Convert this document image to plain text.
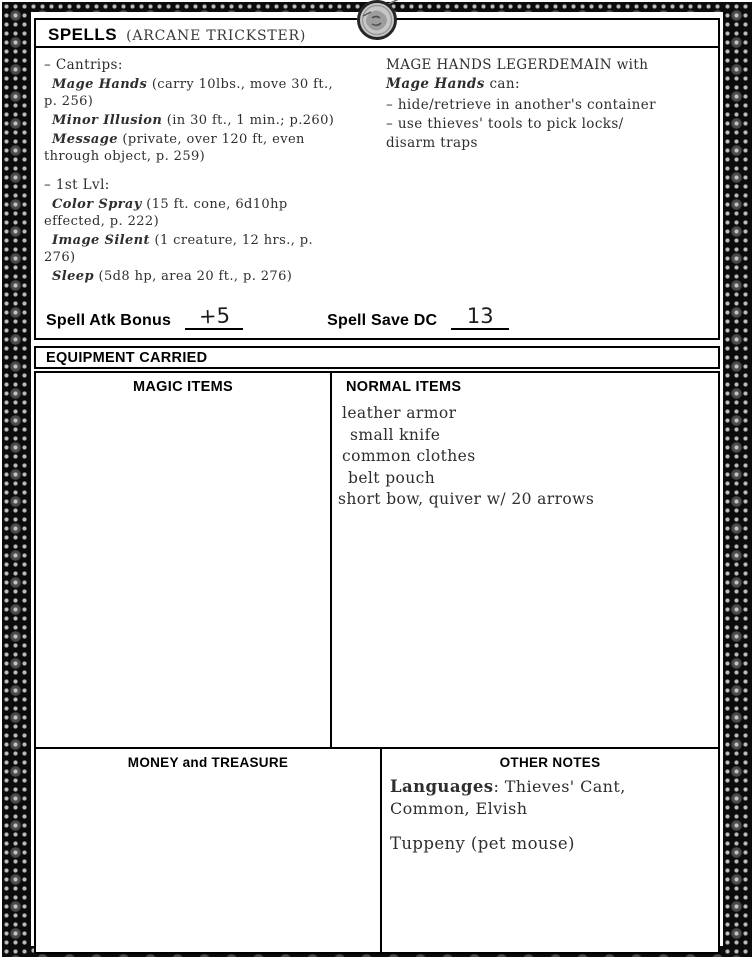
SPELLS (ARCANE TRICKSTER)

– Cantrips:

Mage Hands (carry 10lbs., move 30 ft., p. 256)

Minor Illusion (in 30 ft., 1 min.; p.260)

Message (private, over 120 ft, even through object, p. 259)

– 1st Lvl:

Color Spray (15 ft. cone, 6d10hp effected, p. 222)

Image Silent (1 creature, 12 hrs., p. 276)

Sleep (5d8 hp, area 20 ft., p. 276)

MAGE HANDS LEGERDEMAIN with
Mage Hands can:

– hide/retrieve in another's container

– use thieves' tools to pick locks/

disarm traps

Spell Atk Bonus	+5	Spell Save DC	13
EQUIPMENT CARRIED
MAGIC ITEMS	NORMAL ITEMS
leather armor
small knife
common clothes
belt pouch
short bow, quiver w/ 20 arrows
MONEY and TREASURE	OTHER NOTES

Languages: Thieves' Cant, Common, Elvish

Tuppeny (pet mouse)
